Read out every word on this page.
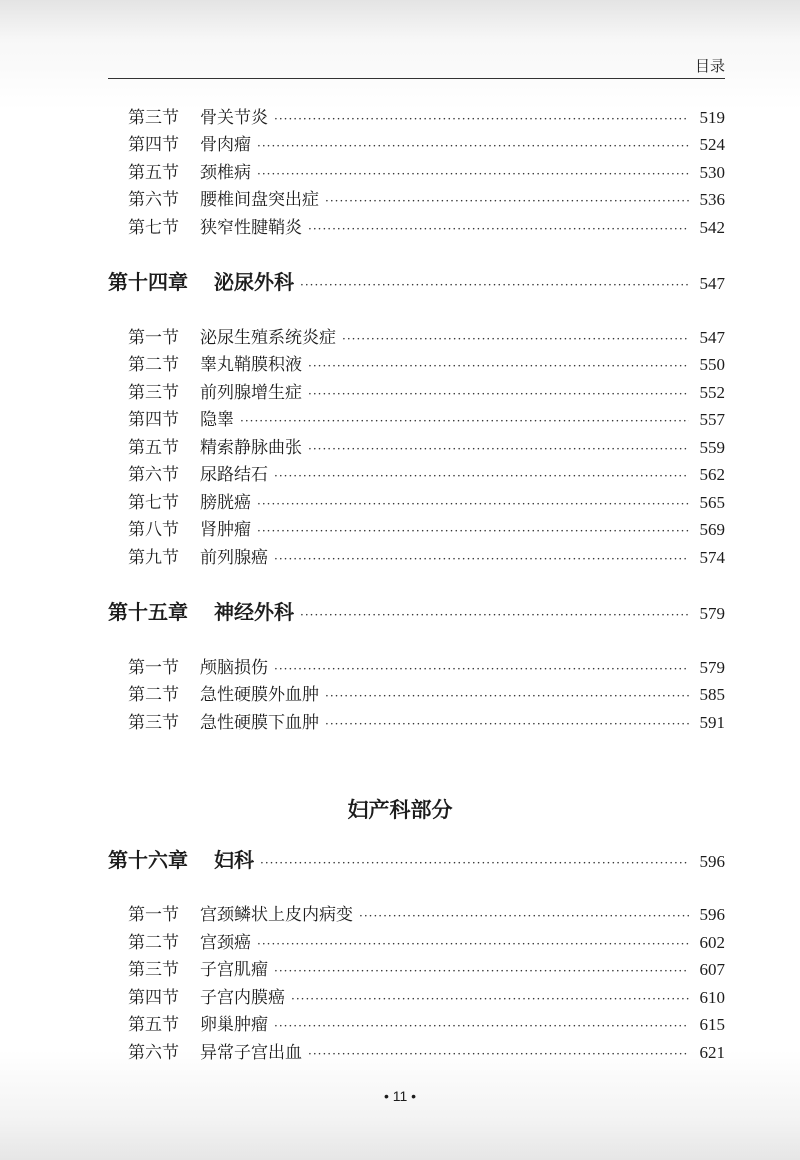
目录
第三节	骨关节炎 ·····	519
第四节	骨肉瘤 ·····	524
第五节	颈椎病 ·····	530
第六节	腰椎间盘突出症 ·····	536
第七节	狭窄性腱鞘炎 ·····	542
第十四章	泌尿外科 ·····	547
第一节	泌尿生殖系统炎症 ·····	547
第二节	睾丸鞘膜积液 ·····	550
第三节	前列腺增生症 ·····	552
第四节	隐睾 ·····	557
第五节	精索静脉曲张 ·····	559
第六节	尿路结石 ·····	562
第七节	膀胱癌 ·····	565
第八节	肾肿瘤 ·····	569
第九节	前列腺癌 ·····	574
第十五章	神经外科 ·····	579
第一节	颅脑损伤 ·····	579
第二节	急性硬膜外血肿 ·····	585
第三节	急性硬膜下血肿 ·····	591
第十六章	妇科 ·····	596
第一节	宫颈鳞状上皮内病变 ·····	596
第二节	宫颈癌 ·····	602
第三节	子宫肌瘤 ·····	607
第四节	子宫内膜癌 ·····	610
第五节	卵巢肿瘤 ·····	615
第六节	异常子宫出血 ·····	621
妇产科部分
• 11 •
